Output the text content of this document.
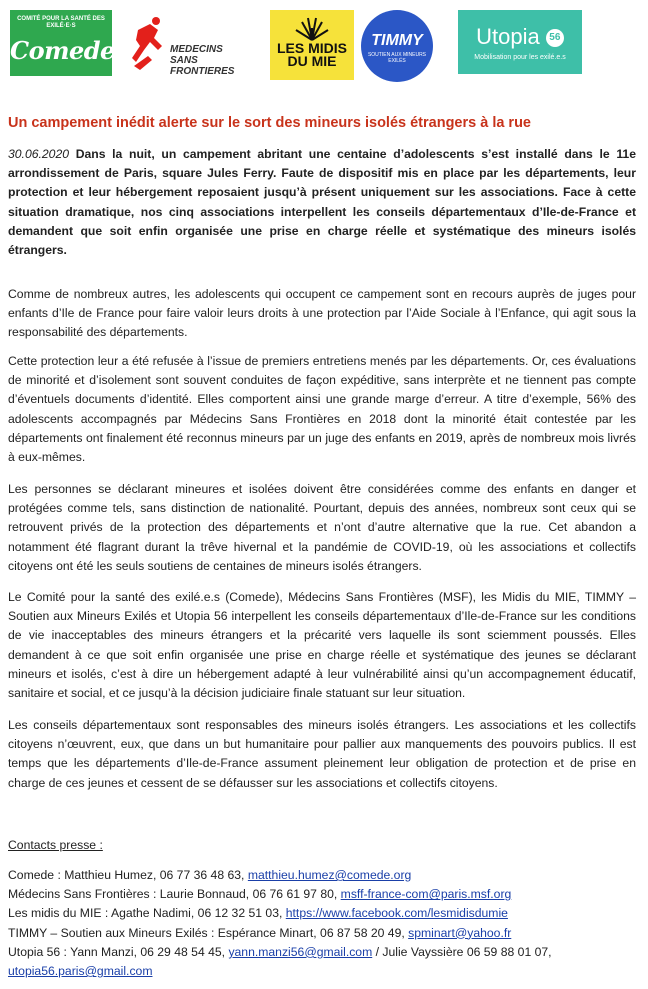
COMITÉ POUR LA SANTÉ DES EXILÉ·E·S
Comede	MEDECINS
SANS FRONTIERES
LES MIDIS
DU MIE
TIMMY
SOUTIEN AUX MINEURS EXILÉS
Utopia 56
Mobilisation pour les exilé.e.s
Un campement inédit alerte sur le sort des mineurs isolés étrangers à la rue

30.06.2020 Dans la nuit, un campement abritant une centaine d’adolescents s’est installé dans le 11e arrondissement de Paris, square Jules Ferry. Faute de dispositif mis en place par les départements, leur protection et leur hébergement reposaient jusqu’à présent uniquement sur les associations. Face à cette situation dramatique, nos cinq associations interpellent les conseils départementaux d’Ile-de-France et demandent que soit enfin organisée une prise en charge réelle et systématique des mineurs isolés étrangers.

Comme de nombreux autres, les adolescents qui occupent ce campement sont en recours auprès de juges pour enfants d’Ile de France pour faire valoir leurs droits à une protection par l’Aide Sociale à l’Enfance, qui agit sous la responsabilité des départements.

Cette protection leur a été refusée à l’issue de premiers entretiens menés par les départements. Or, ces évaluations de minorité et d’isolement sont souvent conduites de façon expéditive, sans interprète et ne tiennent pas compte d’éventuels documents d’identité. Elles comportent ainsi une grande marge d’erreur. A titre d’exemple, 56% des adolescents accompagnés par Médecins Sans Frontières en 2018 dont la minorité était contestée par les départements ont finalement été reconnus mineurs par un juge des enfants en 2019, après de nombreux mois livrés à eux-mêmes.

Les personnes se déclarant mineures et isolées doivent être considérées comme des enfants en danger et protégées comme tels, sans distinction de nationalité. Pourtant, depuis des années, nombreux sont ceux qui se retrouvent privés de la protection des départements et n’ont d’autre alternative que la rue. Cet abandon a notamment été flagrant durant la trêve hivernal et la pandémie de COVID-19, où les associations et collectifs citoyens ont été les seuls soutiens de centaines de mineurs isolés étrangers.

Le Comité pour la santé des exilé.e.s (Comede), Médecins Sans Frontières (MSF), les Midis du MIE, TIMMY – Soutien aux Mineurs Exilés et Utopia 56 interpellent les conseils départementaux d’Ile-de-France sur les conditions de vie inacceptables des mineurs étrangers et la précarité vers laquelle ils sont sciemment poussés. Elles demandent à ce que soit enfin organisée une prise en charge réelle et systématique des jeunes se déclarant mineurs et isolés, c’est à dire un hébergement adapté à leur vulnérabilité ainsi qu’un accompagnement éducatif, sanitaire et social, et ce jusqu’à la décision judiciaire finale statuant sur leur situation.

Les conseils départementaux sont responsables des mineurs isolés étrangers. Les associations et les collectifs citoyens n’œuvrent, eux, que dans un but humanitaire pour pallier aux manquements des pouvoirs publics. Il est temps que les départements d’Ile-de-France assument pleinement leur obligation de protection et de prise en charge de ces jeunes et cessent de se défausser sur les associations et collectifs citoyens.

Contacts presse :
Comede : Matthieu Humez, 06 77 36 48 63, matthieu.humez@comede.org
Médecins Sans Frontières : Laurie Bonnaud, 06 76 61 97 80, msff-france-com@paris.msf.org
Les midis du MIE : Agathe Nadimi, 06 12 32 51 03, https://www.facebook.com/lesmidisdumie
TIMMY – Soutien aux Mineurs Exilés : Espérance Minart, 06 87 58 20 49, spminart@yahoo.fr
Utopia 56 : Yann Manzi, 06 29 48 54 45, yann.manzi56@gmail.com / Julie Vayssière 06 59 88 01 07,
utopia56.paris@gmail.com
